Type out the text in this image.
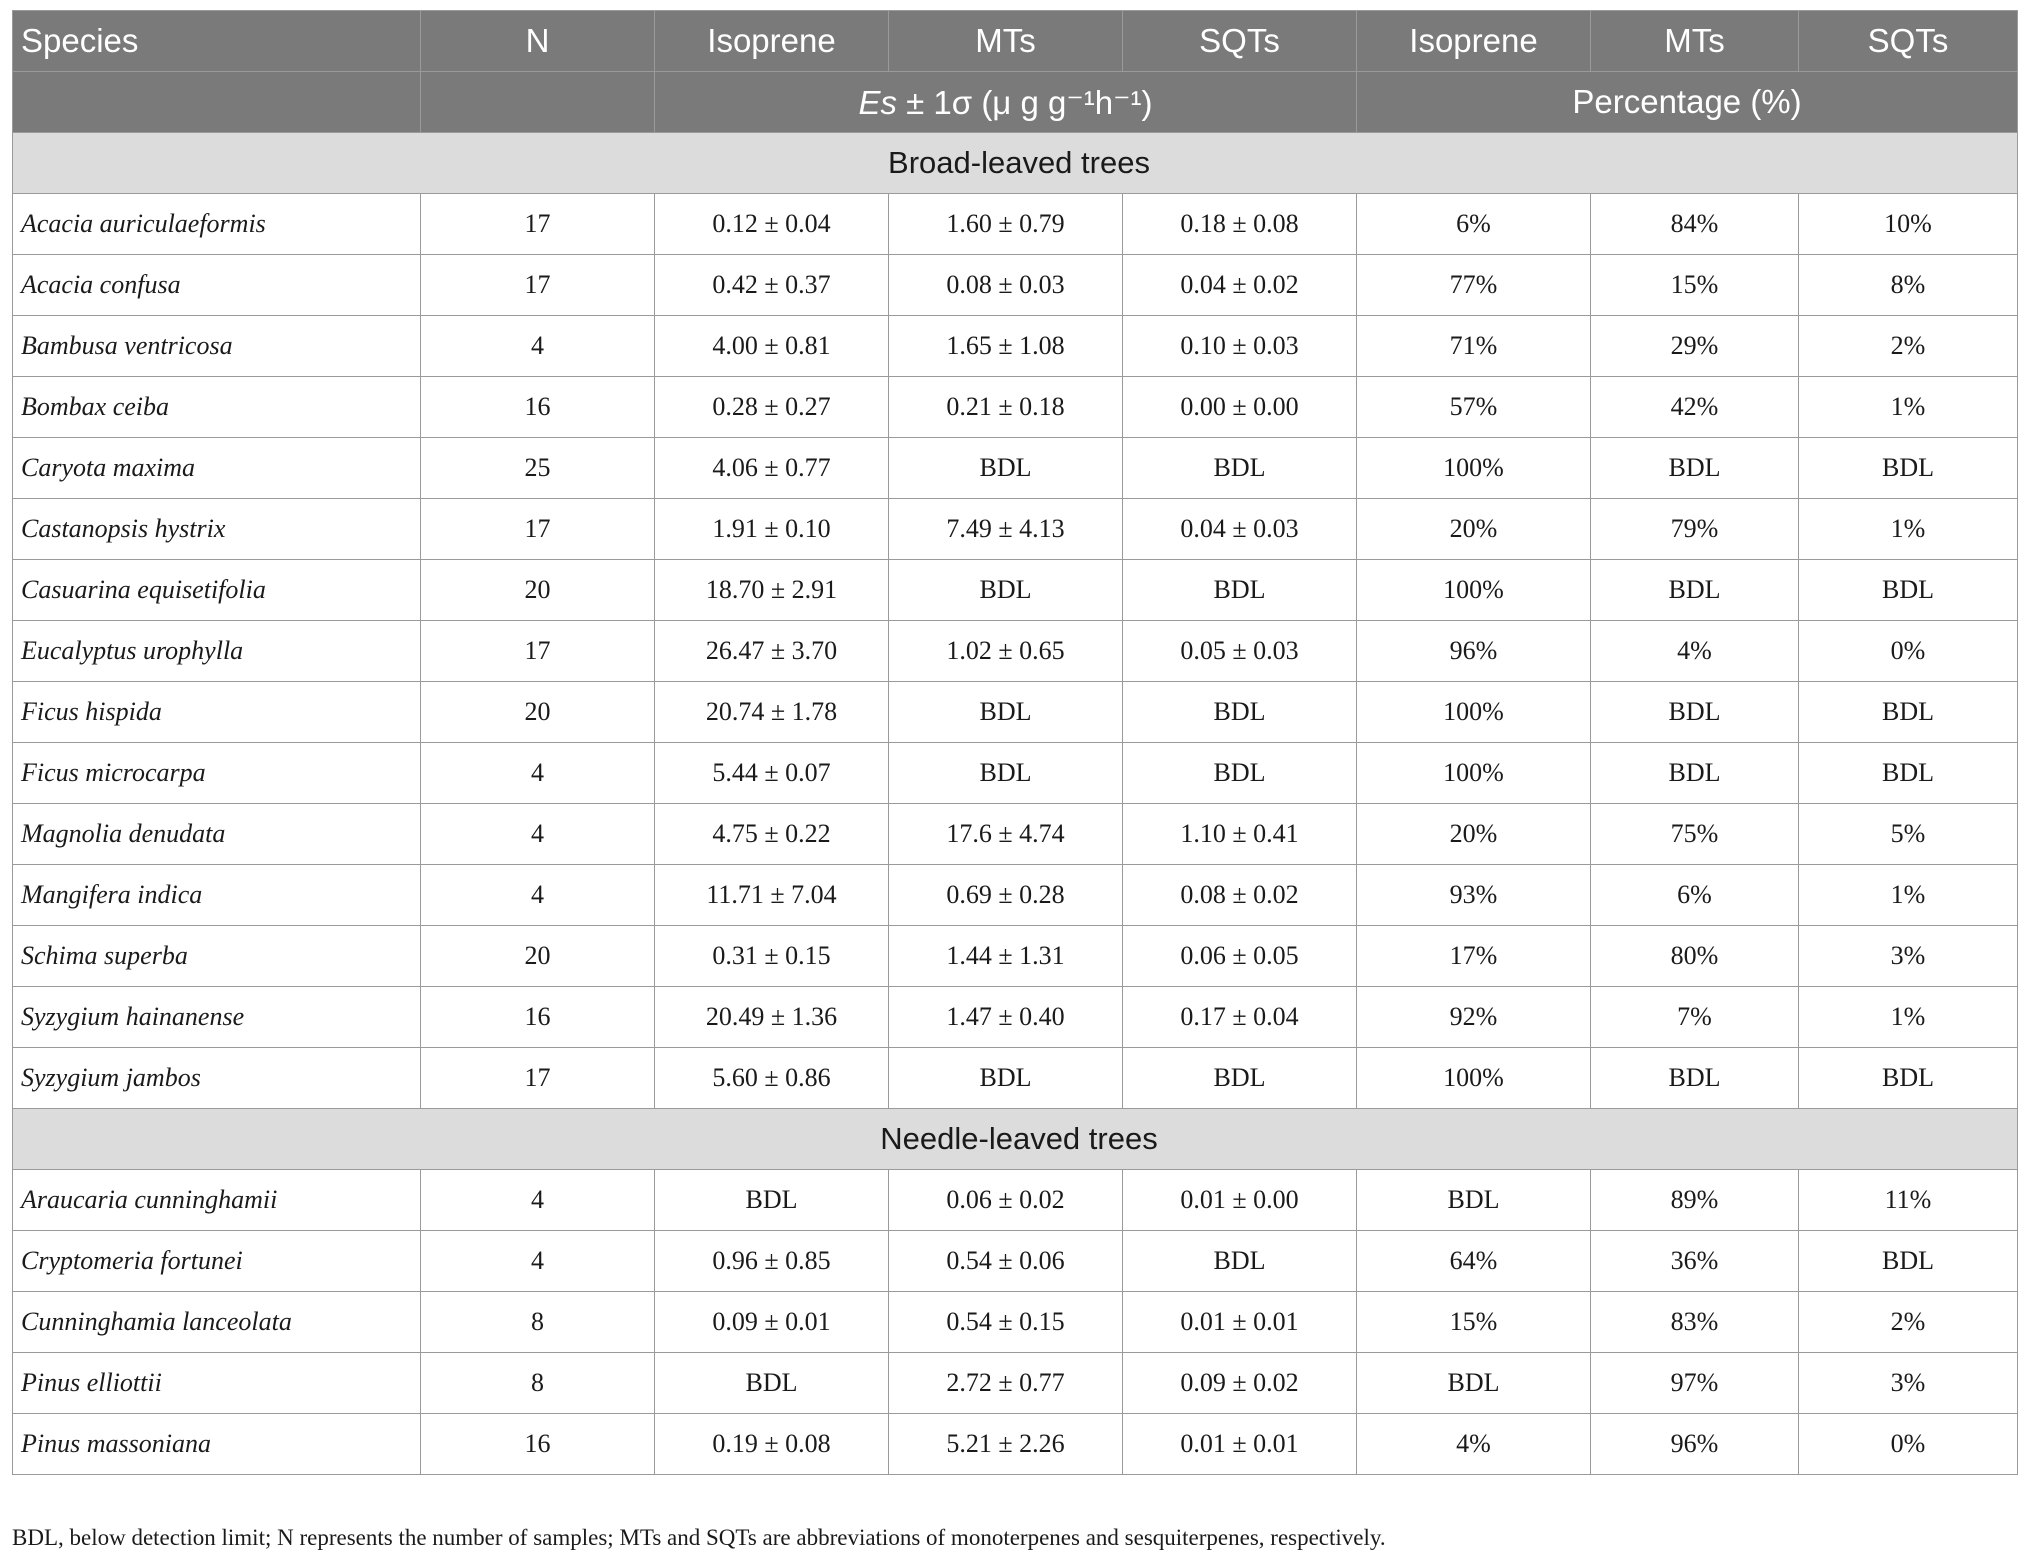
Species	N	Isoprene	MTs	SQTs	Isoprene	MTs	SQTs
		Es ± 1σ (μ g g⁻¹h⁻¹)			Percentage (%)		
Broad-leaved trees							
Acacia auriculaeformis	17	0.12 ± 0.04	1.60 ± 0.79	0.18 ± 0.08	6%	84%	10%
Acacia confusa	17	0.42 ± 0.37	0.08 ± 0.03	0.04 ± 0.02	77%	15%	8%
Bambusa ventricosa	4	4.00 ± 0.81	1.65 ± 1.08	0.10 ± 0.03	71%	29%	2%
Bombax ceiba	16	0.28 ± 0.27	0.21 ± 0.18	0.00 ± 0.00	57%	42%	1%
Caryota maxima	25	4.06 ± 0.77	BDL	BDL	100%	BDL	BDL
Castanopsis hystrix	17	1.91 ± 0.10	7.49 ± 4.13	0.04 ± 0.03	20%	79%	1%
Casuarina equisetifolia	20	18.70 ± 2.91	BDL	BDL	100%	BDL	BDL
Eucalyptus urophylla	17	26.47 ± 3.70	1.02 ± 0.65	0.05 ± 0.03	96%	4%	0%
Ficus hispida	20	20.74 ± 1.78	BDL	BDL	100%	BDL	BDL
Ficus microcarpa	4	5.44 ± 0.07	BDL	BDL	100%	BDL	BDL
Magnolia denudata	4	4.75 ± 0.22	17.6 ± 4.74	1.10 ± 0.41	20%	75%	5%
Mangifera indica	4	11.71 ± 7.04	0.69 ± 0.28	0.08 ± 0.02	93%	6%	1%
Schima superba	20	0.31 ± 0.15	1.44 ± 1.31	0.06 ± 0.05	17%	80%	3%
Syzygium hainanense	16	20.49 ± 1.36	1.47 ± 0.40	0.17 ± 0.04	92%	7%	1%
Syzygium jambos	17	5.60 ± 0.86	BDL	BDL	100%	BDL	BDL
Needle-leaved trees							
Araucaria cunninghamii	4	BDL	0.06 ± 0.02	0.01 ± 0.00	BDL	89%	11%
Cryptomeria fortunei	4	0.96 ± 0.85	0.54 ± 0.06	BDL	64%	36%	BDL
Cunninghamia lanceolata	8	0.09 ± 0.01	0.54 ± 0.15	0.01 ± 0.01	15%	83%	2%
Pinus elliottii	8	BDL	2.72 ± 0.77	0.09 ± 0.02	BDL	97%	3%
Pinus massoniana	16	0.19 ± 0.08	5.21 ± 2.26	0.01 ± 0.01	4%	96%	0%
BDL, below detection limit; N represents the number of samples; MTs and SQTs are abbreviations of monoterpenes and sesquiterpenes, respectively.
